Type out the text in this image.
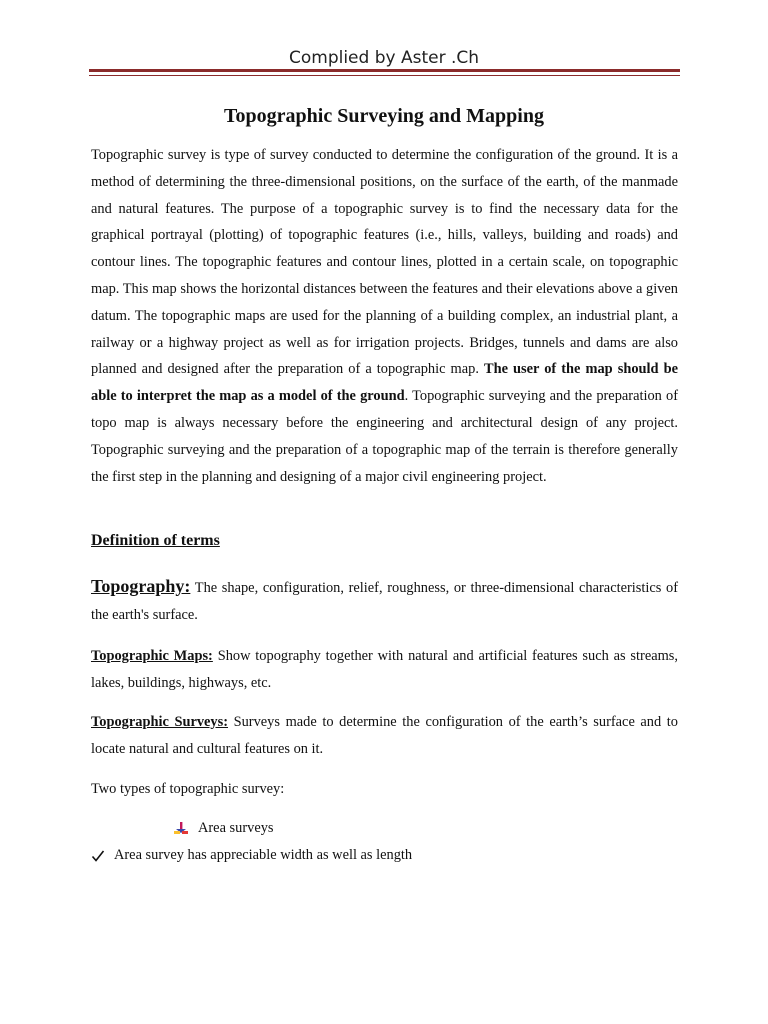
Complied by Aster .Ch
Topographic Surveying and Mapping

Topographic survey is type of survey conducted to determine the configuration of the ground. It is a method of determining the three-dimensional positions, on the surface of the earth, of the manmade and natural features. The purpose of a topographic survey is to find the necessary data for the graphical portrayal (plotting) of topographic features (i.e., hills, valleys, building and roads) and contour lines. The topographic features and contour lines, plotted in a certain scale, on topographic map. This map shows the horizontal distances between the features and their elevations above a given datum. The topographic maps are used for the planning of a building complex, an industrial plant, a railway or a highway project as well as for irrigation projects. Bridges, tunnels and dams are also planned and designed after the preparation of a topographic map. The user of the map should be able to interpret the map as a model of the ground. Topographic surveying and the preparation of topo map is always necessary before the engineering and architectural design of any project. Topographic surveying and the preparation of a topographic map of the terrain is therefore generally the first step in the planning and designing of a major civil engineering project.

Definition of terms

Topography: The shape, configuration, relief, roughness, or three-dimensional characteristics of the earth's surface.

Topographic Maps: Show topography together with natural and artificial features such as streams, lakes, buildings, highways, etc.

Topographic Surveys: Surveys made to determine the configuration of the earth’s surface and to locate natural and cultural features on it.

Two types of topographic survey:
Area surveys
Area survey has appreciable width as well as length
